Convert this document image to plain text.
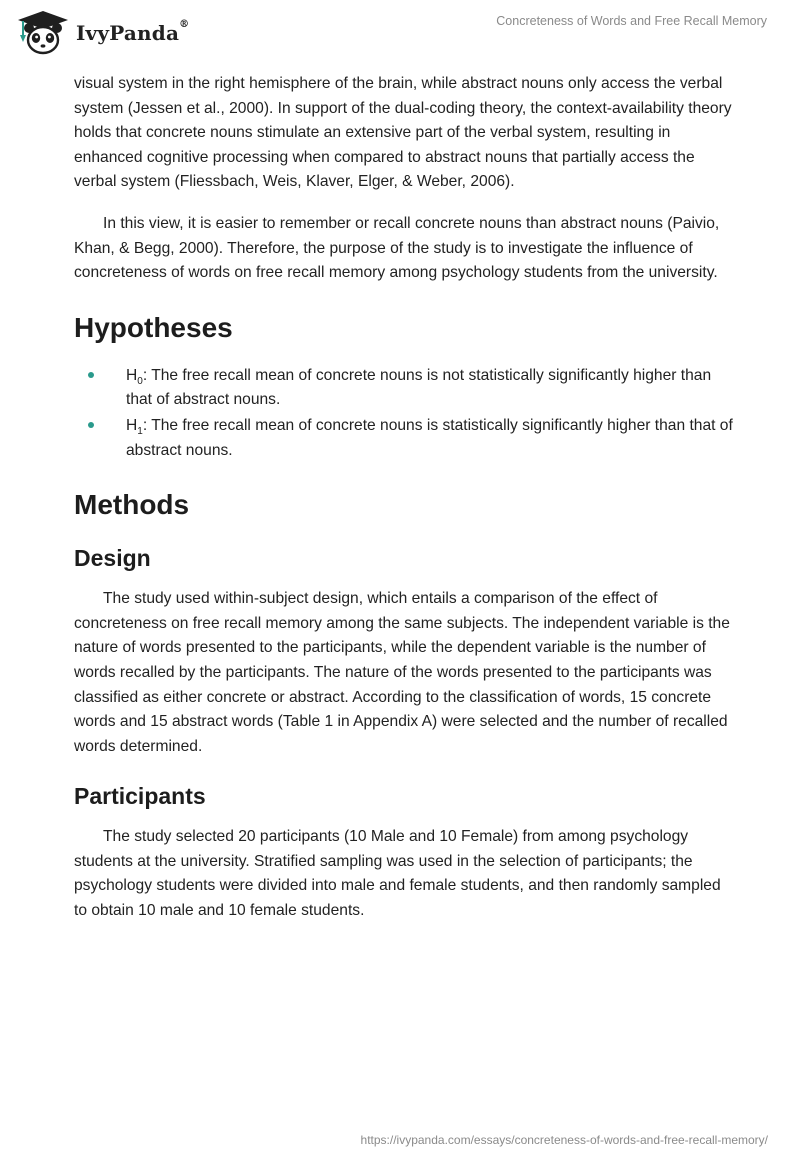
IvyPanda®	Concreteness of Words and Free Recall Memory

visual system in the right hemisphere of the brain, while abstract nouns only access the verbal system (Jessen et al., 2000). In support of the dual-coding theory, the context-availability theory holds that concrete nouns stimulate an extensive part of the verbal system, resulting in enhanced cognitive processing when compared to abstract nouns that partially access the verbal system (Fliessbach, Weis, Klaver, Elger, & Weber, 2006).

In this view, it is easier to remember or recall concrete nouns than abstract nouns (Paivio, Khan, & Begg, 2000). Therefore, the purpose of the study is to investigate the influence of concreteness of words on free recall memory among psychology students from the university.

Hypotheses
$H_0$: The free recall mean of concrete nouns is not statistically significantly higher than that of abstract nouns.
$H_1$: The free recall mean of concrete nouns is statistically significantly higher than that of abstract nouns.
Methods
Design

The study used within-subject design, which entails a comparison of the effect of concreteness on free recall memory among the same subjects. The independent variable is the nature of words presented to the participants, while the dependent variable is the number of words recalled by the participants. The nature of the words presented to the participants was classified as either concrete or abstract. According to the classification of words, 15 concrete words and 15 abstract words (Table 1 in Appendix A) were selected and the number of recalled words determined.

Participants

The study selected 20 participants (10 Male and 10 Female) from among psychology students at the university. Stratified sampling was used in the selection of participants; the psychology students were divided into male and female students, and then randomly sampled to obtain 10 male and 10 female students.

https://ivypanda.com/essays/concreteness-of-words-and-free-recall-memory/
